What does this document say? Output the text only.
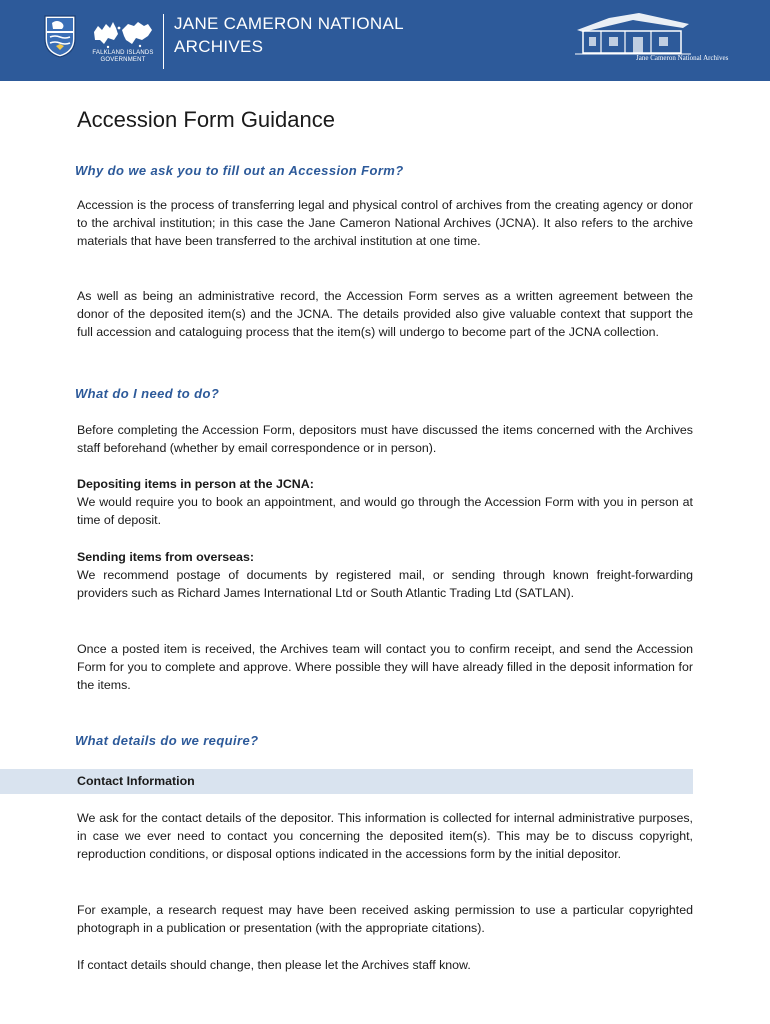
FALKLAND ISLANDS
GOVERNMENT
JANE CAMERON NATIONAL
ARCHIVES
Jane Cameron National Archives
Accession Form Guidance
Why do we ask you to fill out an Accession Form?

Accession is the process of transferring legal and physical control of archives from the creating agency or donor to the archival institution; in this case the Jane Cameron National Archives (JCNA). It also refers to the archive materials that have been transferred to the archival institution at one time.

As well as being an administrative record, the Accession Form serves as a written agreement between the donor of the deposited item(s) and the JCNA. The details provided also give valuable context that support the full accession and cataloguing process that the item(s) will undergo to become part of the JCNA collection.

What do I need to do?

Before completing the Accession Form, depositors must have discussed the items concerned with the Archives staff beforehand (whether by email correspondence or in person).

Depositing items in person at the JCNA:
We would require you to book an appointment, and would go through the Accession Form with you in person at time of deposit.

Sending items from overseas:
We recommend postage of documents by registered mail, or sending through known freight-forwarding providers such as Richard James International Ltd or South Atlantic Trading Ltd (SATLAN).

Once a posted item is received, the Archives team will contact you to confirm receipt, and send the Accession Form for you to complete and approve. Where possible they will have already filled in the deposit information for the items.

What details do we require?
Contact Information

We ask for the contact details of the depositor. This information is collected for internal administrative purposes, in case we ever need to contact you concerning the deposited item(s). This may be to discuss copyright, reproduction conditions, or disposal options indicated in the accessions form by the initial depositor.

For example, a research request may have been received asking permission to use a particular copyrighted photograph in a publication or presentation (with the appropriate citations).

If contact details should change, then please let the Archives staff know.
